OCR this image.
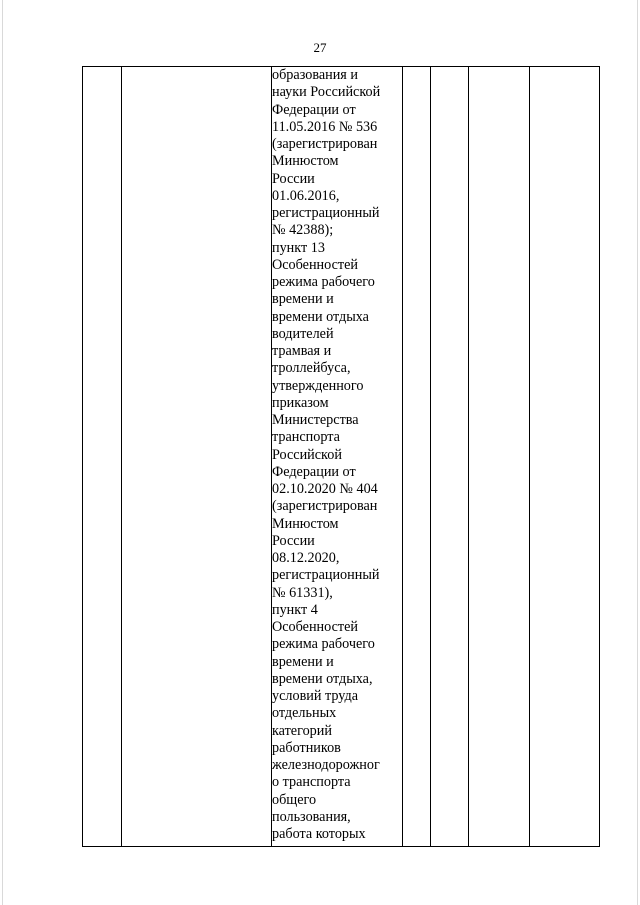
27

образования и
науки Российской
Федерации от
11.05.2016 № 536
(зарегистрирован
Минюстом
России
01.06.2016,
регистрационный
№ 42388);
пункт 13
Особенностей
режима рабочего
времени и
времени отдыха
водителей
трамвая и
троллейбуса,
утвержденного
приказом
Министерства
транспорта
Российской
Федерации от
02.10.2020 № 404
(зарегистрирован
Минюстом
России
08.12.2020,
регистрационный
№ 61331),
пункт 4
Особенностей
режима рабочего
времени и
времени отдыха,
условий труда
отдельных
категорий
работников
железнодорожног
о транспорта
общего
пользования,
работа которых
